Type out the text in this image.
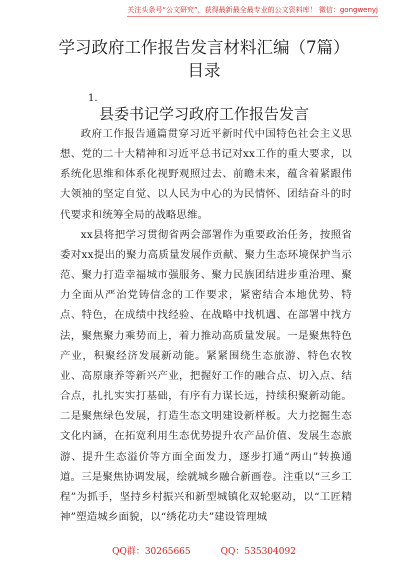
关注头条号“公文研究”，获得最新最全最专业的公文资料库！ 微信：gongwenyj
学习政府工作报告发言材料汇编（7篇）
目录
1.
县委书记学习政府工作报告发言

政府工作报告通篇贯穿习近平新时代中国特色社会主义思想、党的二十大精神和习近平总书记对xx工作的重大要求，以系统化思维和体系化视野观照过去、前瞻未来，蕴含着紧跟伟大领袖的坚定自觉、以人民为中心的为民情怀、团结奋斗的时代要求和统筹全局的战略思维。

xx县将把学习贯彻省两会部署作为重要政治任务，按照省委对xx提出的聚力高质量发展作贡献、聚力生态环境保护当示范、聚力打造幸福城市强服务、聚力民族团结进步重治理、聚力全面从严治党铸信念的工作要求，紧密结合本地优势、特点、特色，在成绩中找经验、在战略中找机遇、在部署中找方法，聚焦聚力乘势而上，着力推动高质量发展。一是聚焦特色产业，积聚经济发展新动能。紧紧围绕生态旅游、特色农牧业、高原康养等新兴产业，把握好工作的融合点、切入点、结合点，扎扎实实打基础，有序有力谋长远，持续积聚新动能。二是聚焦绿色发展，打造生态文明建设新样板。大力挖掘生态文化内涵，在拓宽利用生态优势提升农产品价值、发展生态旅游、提升生态溢价等方面全面发力，逐步打通“两山”转换通道。三是聚焦协调发展，绘就城乡融合新画卷。注重以“三乡工程”为抓手，坚持乡村振兴和新型城镇化双轮驱动，以“工匠精神”塑造城乡面貌，以“绣花功夫”建设管理城

QQ群：30265665	QQ：535304092
